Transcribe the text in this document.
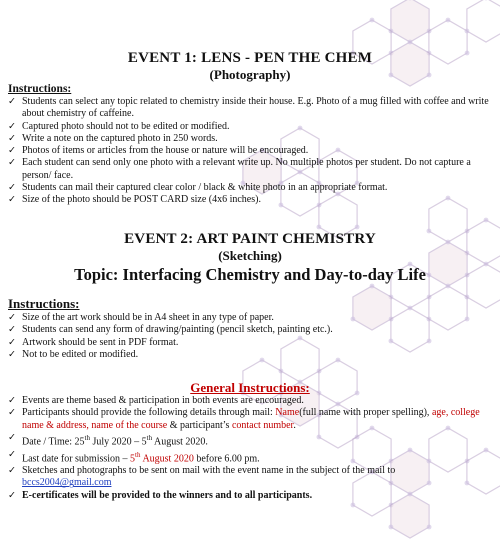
EVENT 1: LENS - PEN THE CHEM
(Photography)
Instructions:
✓ Students can select any topic related to chemistry inside their house. E.g. Photo of a mug filled with coffee and write about chemistry of caffeine.
✓ Captured photo should not to be edited or modified.
✓ Write a note on the captured photo in 250 words.
✓ Photos of items or articles from the house or nature will be encouraged.
✓ Each student can send only one photo with a relevant write up. No multiple photos per student. Do not capture a person/ face.
✓ Students can mail their captured clear color / black & white photo in an appropriate format.
✓ Size of the photo should be POST CARD size (4x6 inches).
EVENT 2: ART PAINT CHEMISTRY
(Sketching)
Topic: Interfacing Chemistry and Day-to-day Life
Instructions:
✓ Size of the art work should be in A4 sheet in any type of paper.
✓ Students can send any form of drawing/painting (pencil sketch, painting etc.).
✓ Artwork should be sent in PDF format.
✓ Not to be edited or modified.
General Instructions:
✓ Events are theme based & participation in both events are encouraged.
✓ Participants should provide the following details through mail: Name(full name with proper spelling), age, college name & address, name of the course & participant’s contact number.
✓ Date / Time: 25th July 2020 – 5th August 2020.
✓ Last date for submission – 5th August 2020 before 6.00 pm.
✓ Sketches and photographs to be sent on mail with the event name in the subject of the mail to
bccs2004@gmail.com
✓ E-certificates will be provided to the winners and to all participants.
